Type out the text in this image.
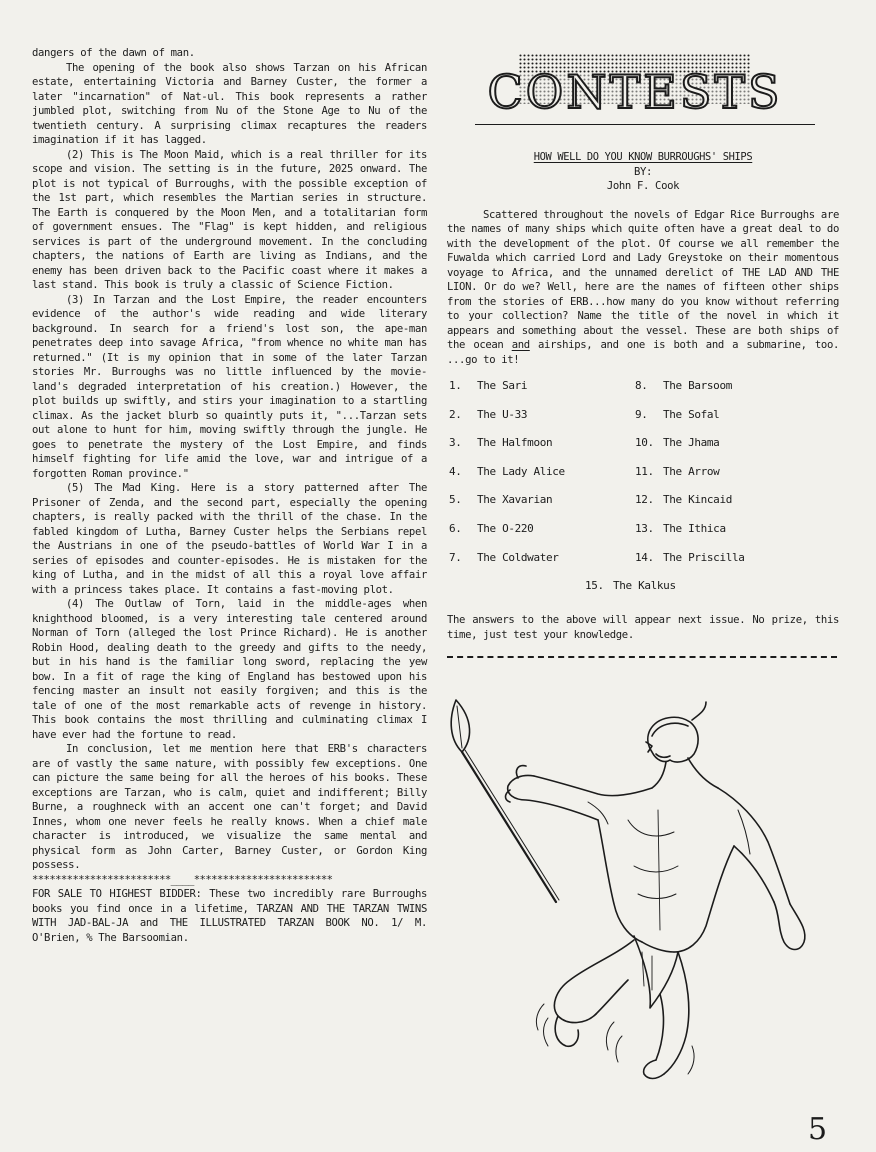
dangers of the dawn of man.

The opening of the book also shows Tarzan on his African estate, entertaining Victoria and Barney Custer, the former a later "incarnation" of Nat-ul. This book represents a rather jumbled plot, switching from Nu of the Stone Age to Nu of the twentieth century. A surprising climax recaptures the readers imagination if it has lagged.

(2) This is The Moon Maid, which is a real thriller for its scope and vision. The setting is in the future, 2025 onward. The plot is not typical of Burroughs, with the possible exception of the 1st part, which resembles the Martian series in structure. The Earth is conquered by the Moon Men, and a totalitarian form of government ensues. The "Flag" is kept hidden, and religious services is part of the underground movement. In the concluding chapters, the nations of Earth are living as Indians, and the enemy has been driven back to the Pacific coast where it makes a last stand. This book is truly a classic of Science Fiction.

(3) In Tarzan and the Lost Empire, the reader encounters evidence of the author's wide reading and wide literary background. In search for a friend's lost son, the ape-man penetrates deep into savage Africa, "from whence no white man has returned." (It is my opinion that in some of the later Tarzan stories Mr. Burroughs was no little influenced by the movie-land's degraded interpretation of his creation.) However, the plot builds up swiftly, and stirs your imagination to a startling climax. As the jacket blurb so quaintly puts it, "...Tarzan sets out alone to hunt for him, moving swiftly through the jungle. He goes to penetrate the mystery of the Lost Empire, and finds himself fighting for life amid the love, war and intrigue of a forgotten Roman province."

(5) The Mad King. Here is a story patterned after The Prisoner of Zenda, and the second part, especially the opening chapters, is really packed with the thrill of the chase. In the fabled kingdom of Lutha, Barney Custer helps the Serbians repel the Austrians in one of the pseudo-battles of World War I in a series of episodes and counter-episodes. He is mistaken for the king of Lutha, and in the midst of all this a royal love affair with a princess takes place. It contains a fast-moving plot.

(4) The Outlaw of Torn, laid in the middle-ages when knighthood bloomed, is a very interesting tale centered around Norman of Torn (alleged the lost Prince Richard). He is another Robin Hood, dealing death to the greedy and gifts to the needy, but in his hand is the familiar long sword, replacing the yew bow. In a fit of rage the king of England has bestowed upon his fencing master an insult not easily forgiven; and this is the tale of one of the most remarkable acts of revenge in history. This book contains the most thrilling and culminating climax I have ever had the fortune to read.

In conclusion, let me mention here that ERB's characters are of vastly the same nature, with possibly few exceptions. One can picture the same being for all the heroes of his books. These exceptions are Tarzan, who is calm, quiet and indifferent; Billy Burne, a roughneck with an accent one can't forget; and David Innes, whom one never feels he really knows. When a chief male character is introduced, we visualize the same mental and physical form as John Carter, Barney Custer, or Gordon King possess.

************************____************************

FOR SALE TO HIGHEST BIDDER: These two incredibly rare Burroughs books you find once in a lifetime, TARZAN AND THE TARZAN TWINS WITH JAD-BAL-JA and THE ILLUSTRATED TARZAN BOOK NO. 1/ M. O'Brien, % The Barsoomian.

CONTESTS
HOW WELL DO YOU KNOW BURROUGHS' SHIPS

BY:

John F. Cook

Scattered throughout the novels of Edgar Rice Burroughs are the names of many ships which quite often have a great deal to do with the development of the plot. Of course we all remember the Fuwalda which carried Lord and Lady Greystoke on their momentous voyage to Africa, and the unnamed derelict of THE LAD AND THE LION. Or do we? Well, here are the names of fifteen other ships from the stories of ERB...how many do you know without referring to your collection? Name the title of the novel in which it appears and something about the vessel. These are both ships of the ocean and airships, and one is both and a submarine, too. ...go to it!

1. The Sari
2. The U-33
3. The Halfmoon
4. The Lady Alice
5. The Xavarian
6. The O-220
7. The Coldwater
8. The Barsoom
9. The Sofal
10. The Jhama
11. The Arrow
12. The Kincaid
13. The Ithica
14. The Priscilla
15. The Kalkus

The answers to the above will appear next issue. No prize, this time, just test your knowledge.

5
